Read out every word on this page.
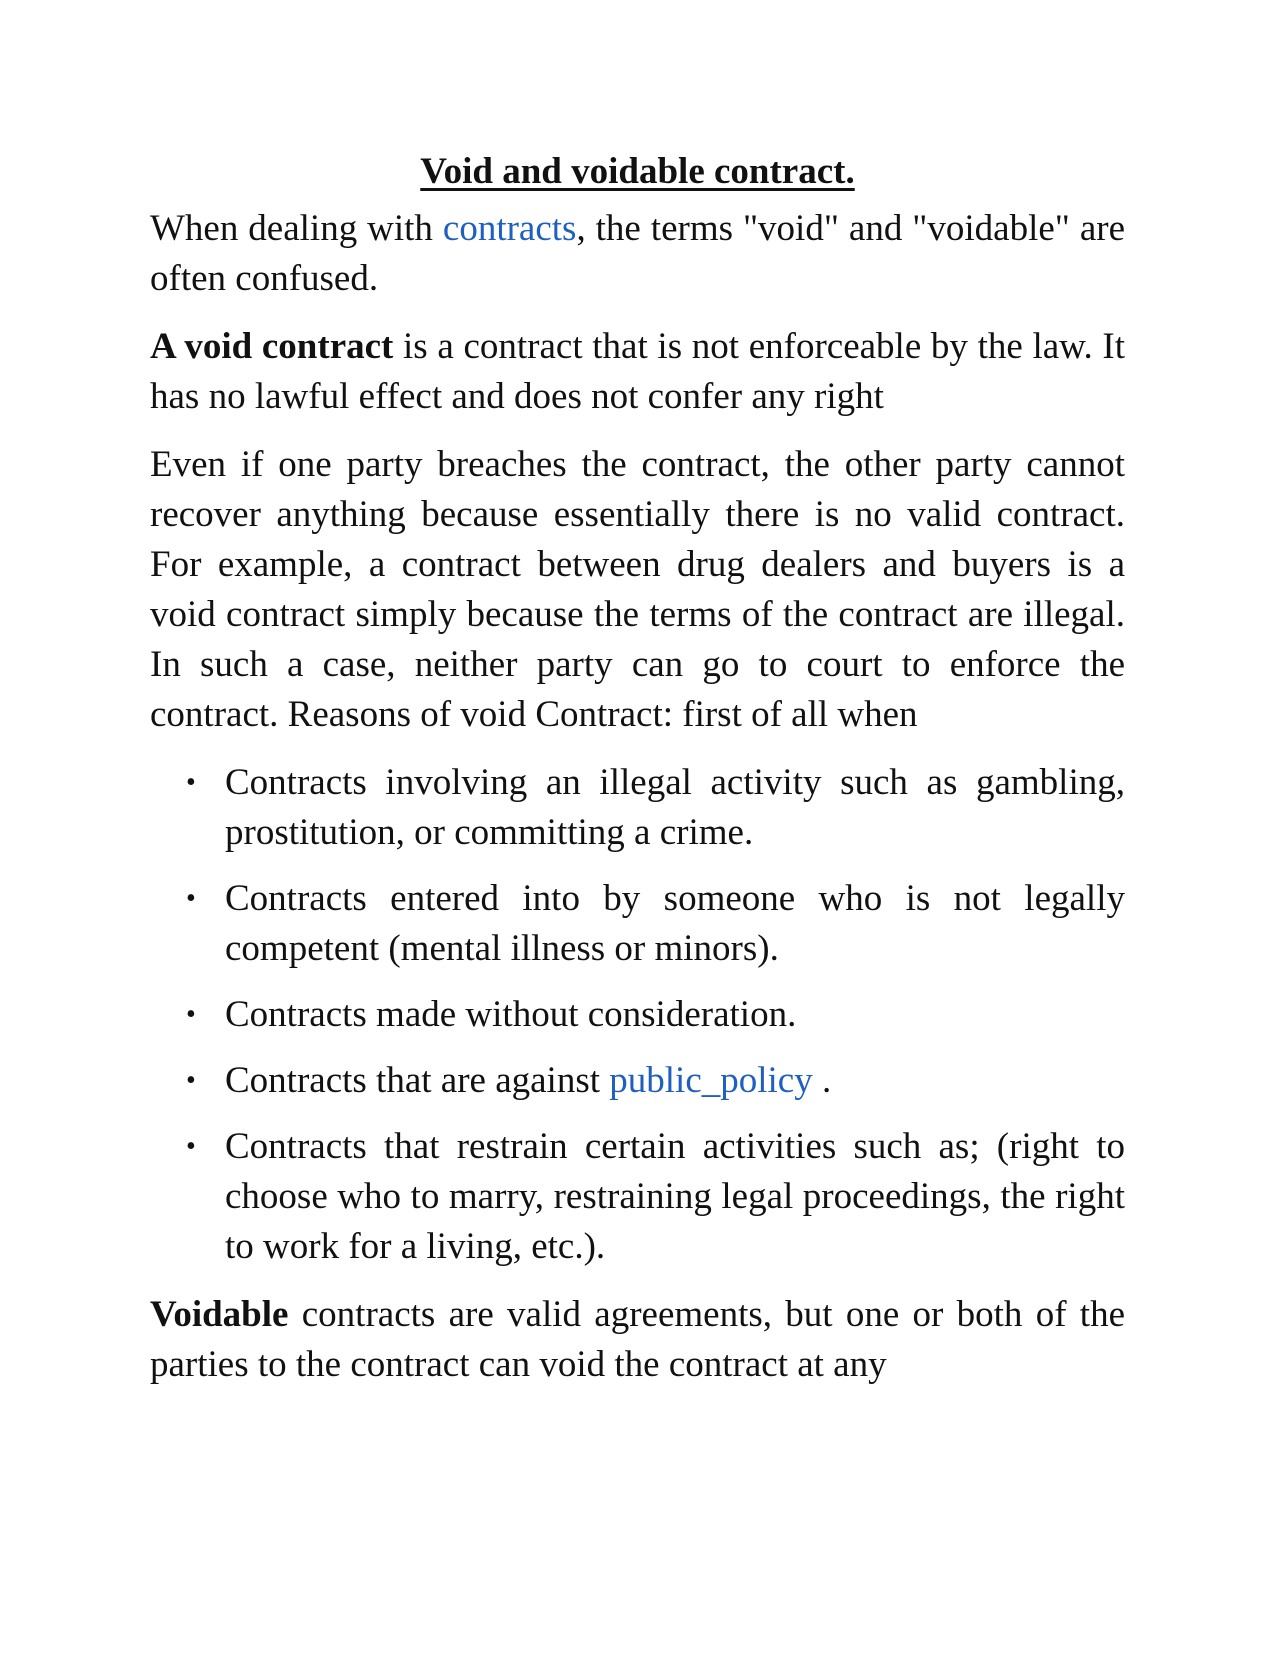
Void and voidable contract.

When dealing with contracts, the terms "void" and "voidable" are often confused.

A void contract is a contract that is not enforceable by the law. It has no lawful effect and does not confer any right

Even if one party breaches the contract, the other party cannot recover anything because essentially there is no valid contract. For example, a contract between drug dealers and buyers is a void contract simply because the terms of the contract are illegal. In such a case, neither party can go to court to enforce the contract. Reasons of void Contract: first of all when

• Contracts involving an illegal activity such as gambling, prostitution, or committing a crime.
• Contracts entered into by someone who is not legally competent (mental illness or minors).
• Contracts made without consideration.
• Contracts that are against public_policy .
• Contracts that restrain certain activities such as; (right to choose who to marry, restraining legal proceedings, the right to work for a living, etc.).

Voidable contracts are valid agreements, but one or both of the parties to the contract can void the contract at any
